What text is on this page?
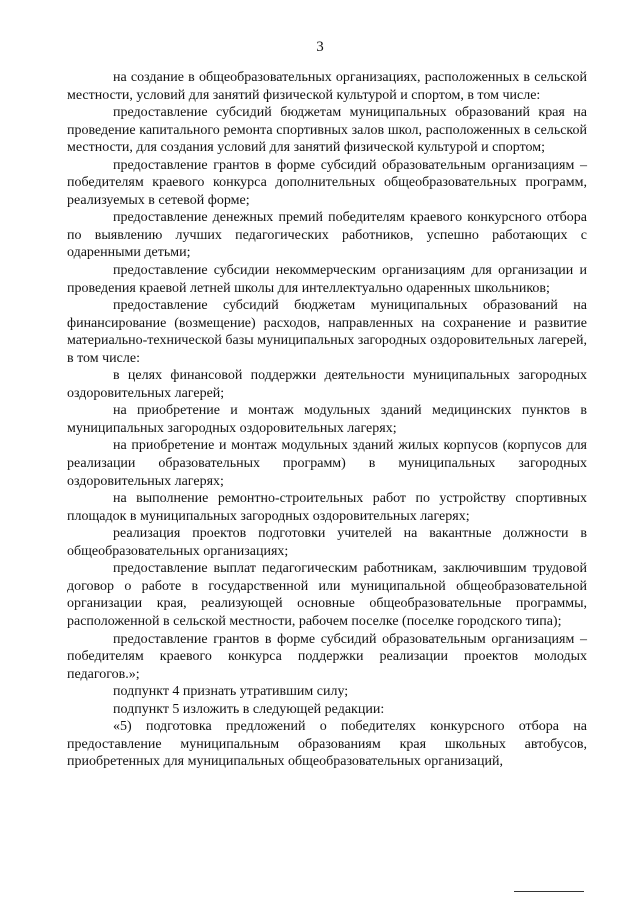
3

на создание в общеобразовательных организациях, расположенных в сельской местности, условий для занятий физической культурой и спортом, в том числе:

предоставление субсидий бюджетам муниципальных образований края на проведение капитального ремонта спортивных залов школ, расположенных в сельской местности, для создания условий для занятий физической культурой и спортом;

предоставление грантов в форме субсидий образовательным организациям – победителям краевого конкурса дополнительных общеобразовательных программ, реализуемых в сетевой форме;

предоставление денежных премий победителям краевого конкурсного отбора по выявлению лучших педагогических работников, успешно работающих с одаренными детьми;

предоставление субсидии некоммерческим организациям для организации и проведения краевой летней школы для интеллектуально одаренных школьников;

предоставление субсидий бюджетам муниципальных образований на финансирование (возмещение) расходов, направленных на сохранение и развитие материально-технической базы муниципальных загородных оздоровительных лагерей, в том числе:

в целях финансовой поддержки деятельности муниципальных загородных оздоровительных лагерей;

на приобретение и монтаж модульных зданий медицинских пунктов в муниципальных загородных оздоровительных лагерях;

на приобретение и монтаж модульных зданий жилых корпусов (корпусов для реализации образовательных программ) в муниципальных загородных оздоровительных лагерях;

на выполнение ремонтно-строительных работ по устройству спортивных площадок в муниципальных загородных оздоровительных лагерях;

реализация проектов подготовки учителей на вакантные должности в общеобразовательных организациях;

предоставление выплат педагогическим работникам, заключившим трудовой договор о работе в государственной или муниципальной общеобразовательной организации края, реализующей основные общеобразовательные программы, расположенной в сельской местности, рабочем поселке (поселке городского типа);

предоставление грантов в форме субсидий образовательным организациям – победителям краевого конкурса поддержки реализации проектов молодых педагогов.»;

подпункт 4 признать утратившим силу;

подпункт 5 изложить в следующей редакции:

«5) подготовка предложений о победителях конкурсного отбора на предоставление муниципальным образованиям края школьных автобусов, приобретенных для муниципальных общеобразовательных организаций,
